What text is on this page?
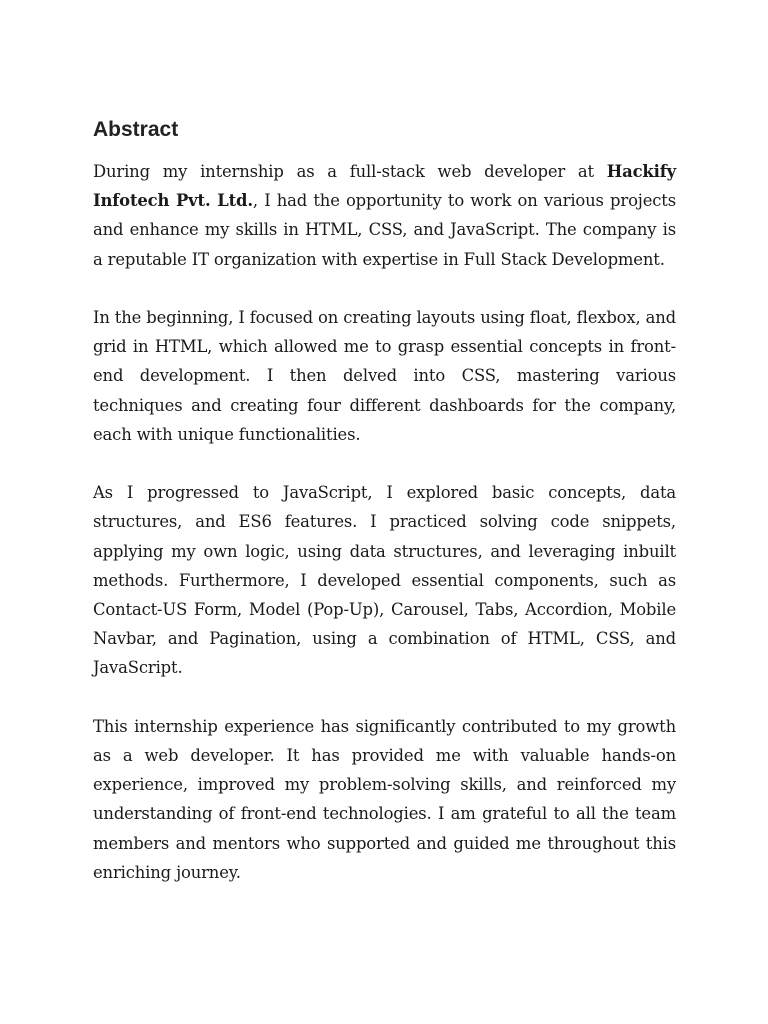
Abstract

During my internship as a full-stack web developer at Hackify Infotech Pvt. Ltd., I had the opportunity to work on various projects and enhance my skills in HTML, CSS, and JavaScript. The company is a reputable IT organization with expertise in Full Stack Development.

In the beginning, I focused on creating layouts using float, flexbox, and grid in HTML, which allowed me to grasp essential concepts in front-end development. I then delved into CSS, mastering various techniques and creating four different dashboards for the company, each with unique functionalities.

As I progressed to JavaScript, I explored basic concepts, data structures, and ES6 features. I practiced solving code snippets, applying my own logic, using data structures, and leveraging inbuilt methods. Furthermore, I developed essential components, such as Contact-US Form, Model (Pop-Up), Carousel, Tabs, Accordion, Mobile Navbar, and Pagination, using a combination of HTML, CSS, and JavaScript.

This internship experience has significantly contributed to my growth as a web developer. It has provided me with valuable hands-on experience, improved my problem-solving skills, and reinforced my understanding of front-end technologies. I am grateful to all the team members and mentors who supported and guided me throughout this enriching journey.
